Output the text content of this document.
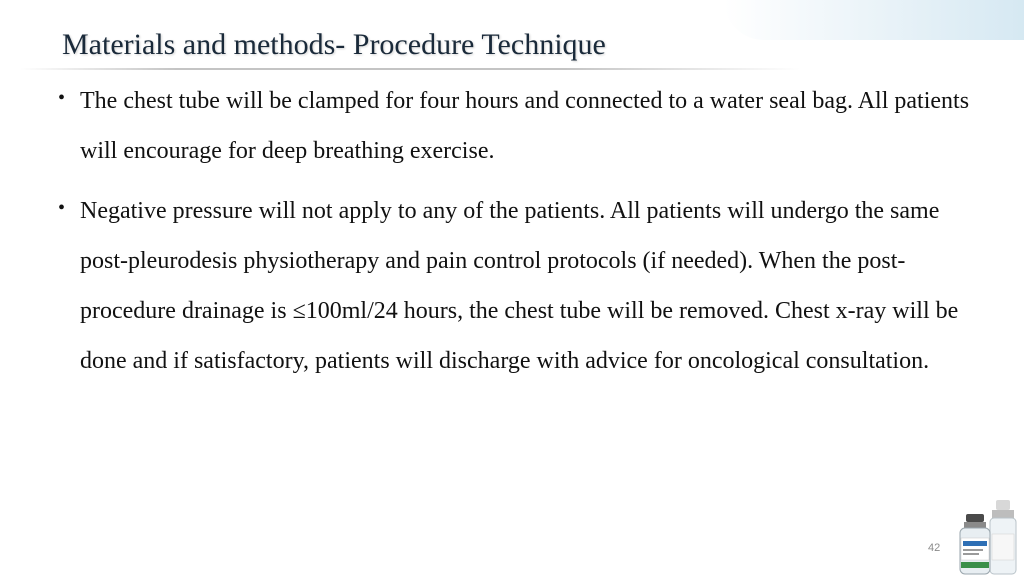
Materials and methods- Procedure Technique
• The chest tube will be clamped for four hours and connected to a water seal bag. All patients will encourage for deep breathing exercise.
• Negative pressure will not apply to any of the patients. All patients will undergo the same post-pleurodesis physiotherapy and pain control protocols (if needed). When the post-procedure drainage is ≤100ml/24 hours, the chest tube will be removed. Chest x-ray will be done and if satisfactory, patients will discharge with advice for oncological consultation.
42
